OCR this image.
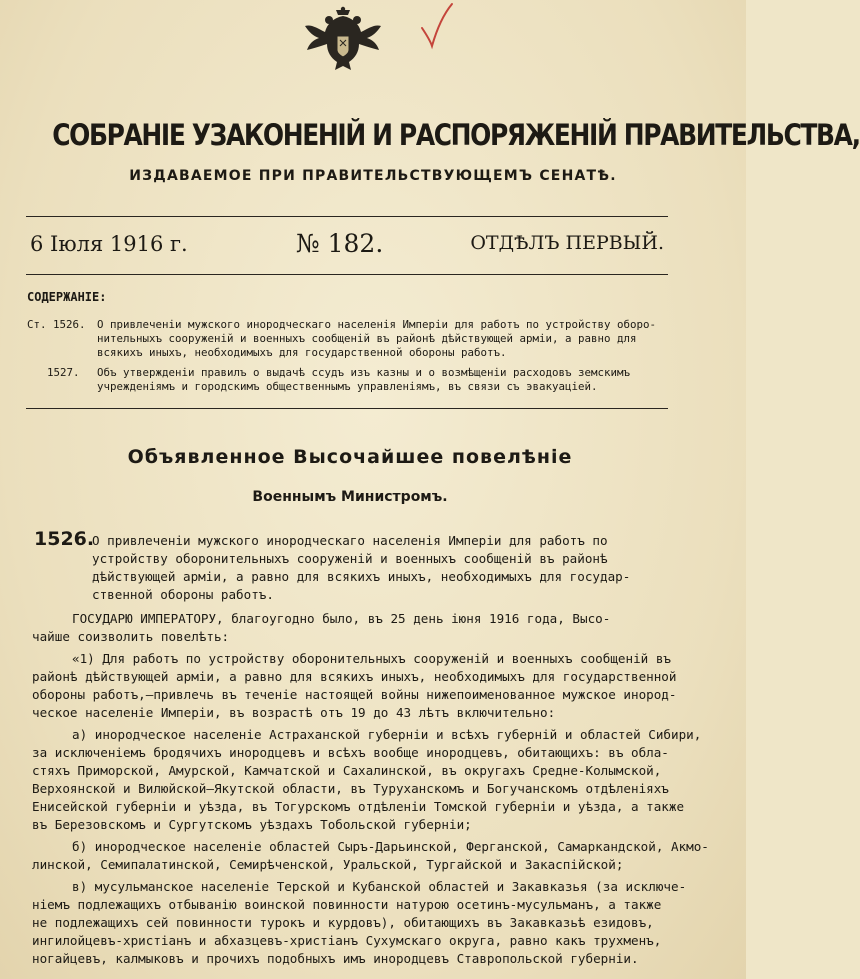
СОБРАНІЕ УЗАКОНЕНІЙ И РАСПОРЯЖЕНІЙ ПРАВИТЕЛЬСТВА,
ИЗДАВАЕМОЕ ПРИ ПРАВИТЕЛЬСТВУЮЩЕМЪ СЕНАТѢ.
6 Іюля 1916 г.	№ 182.	ОТДѢЛЪ ПЕРВЫЙ.
СОДЕРЖАНІЕ:
Ст. 1526. О привлеченіи мужского инородческаго населенія Имперіи для работъ по устройству оборо-
нительныхъ сооруженій и военныхъ сообщеній въ районѣ дѣйствующей арміи, а равно для
всякихъ иныхъ, необходимыхъ для государственной обороны работъ.
1527. Объ утвержденіи правилъ о выдачѣ ссудъ изъ казны и о возмѣщеніи расходовъ земскимъ
учрежденіямъ и городскимъ общественнымъ управленіямъ, въ связи съ эвакуаціей.
Объявленное Высочайшее повелѣніе
Военнымъ Министромъ.
1526.
О привлеченіи мужского инородческаго населенія Имперіи для работъ по
устройству оборонительныхъ сооруженій и военныхъ сообщеній въ районѣ
дѣйствующей арміи, а равно для всякихъ иныхъ, необходимыхъ для государ-
ственной обороны работъ.
ГОСУДАРЮ ИМПЕРАТОРУ, благоугодно было, въ 25 день іюня 1916 года, Высо-
чайше соизволить повелѣть:
«1) Для работъ по устройству оборонительныхъ сооруженій и военныхъ сообщеній въ
районѣ дѣйствующей арміи, а равно для всякихъ иныхъ, необходимыхъ для государственной
обороны работъ,—привлечь въ теченіе настоящей войны нижепоименованное мужское инород-
ческое населеніе Имперіи, въ возрастѣ отъ 19 до 43 лѣтъ включительно:
а) инородческое населеніе Астраханской губерніи и всѣхъ губерній и областей Сибири,
за исключеніемъ бродячихъ инородцевъ и всѣхъ вообще инородцевъ, обитающихъ: въ обла-
стяхъ Приморской, Амурской, Камчатской и Сахалинской, въ округахъ Средне-Колымской,
Верхоянской и Вилюйской—Якутской области, въ Туруханскомъ и Богучанскомъ отдѣленіяхъ
Енисейской губерніи и уѣзда, въ Тогурскомъ отдѣленіи Томской губерніи и уѣзда, а также
въ Березовскомъ и Сургутскомъ уѣздахъ Тобольской губерніи;
б) инородческое населеніе областей Сыръ-Дарьинской, Ферганской, Самаркандской, Акмо-
линской, Семипалатинской, Семирѣченской, Уральской, Тургайской и Закаспійской;
в) мусульманское населеніе Терской и Кубанской областей и Закавказья (за исключе-
ніемъ подлежащихъ отбыванію воинской повинности натурою осетинъ-мусульманъ, а также
не подлежащихъ сей повинности турокъ и курдовъ), обитающихъ въ Закавказьѣ езидовъ,
ингилойцевъ-христіанъ и абхазцевъ-христіанъ Сухумскаго округа, равно какъ трухменъ,
ногайцевъ, калмыковъ и прочихъ подобныхъ имъ инородцевъ Ставропольской губерніи.
